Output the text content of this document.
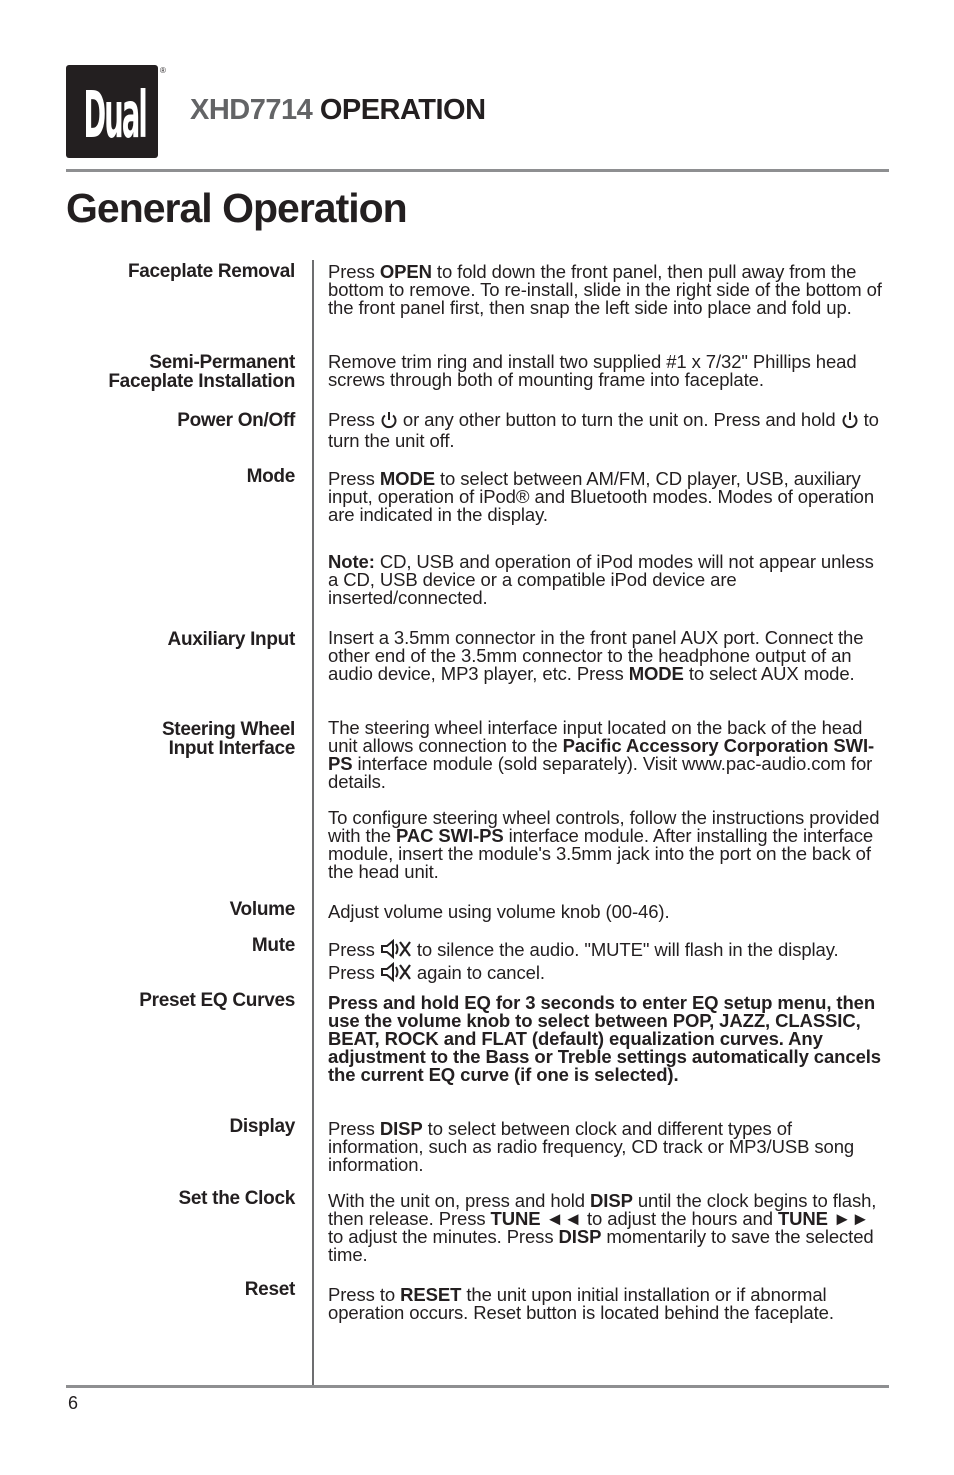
Dual
®
XHD7714 OPERATION
General Operation
Faceplate Removal Press OPEN to fold down the front panel, then pull away from the bottom to remove. To re-install, slide in the right side of the bottom of the front panel first, then snap the left side into place and fold up.
Semi-Permanent
Faceplate Installation
Remove trim ring and install two supplied #1 x 7/32" Phillips head screws through both of mounting frame into faceplate.
Power On/Off Press  or any other button to turn the unit on. Press and hold  to turn the unit off.
Mode Press MODE to select between AM/FM, CD player, USB, auxiliary input, operation of iPod® and Bluetooth modes. Modes of operation are indicated in the display.
Note: CD, USB and operation of iPod modes will not appear unless a CD, USB device or a compatible iPod device are inserted/connected.
Auxiliary Input Insert a 3.5mm connector in the front panel AUX port. Connect the other end of the 3.5mm connector to the headphone output of an audio device, MP3 player, etc. Press MODE to select AUX mode.
Steering Wheel
Input Interface
The steering wheel interface input located on the back of the head unit allows connection to the Pacific Accessory Corporation SWI-PS interface module (sold separately). Visit www.pac-audio.com for details.
To configure steering wheel controls, follow the instructions provided with the PAC SWI-PS interface module. After installing the interface module, insert the module's 3.5mm jack into the port on the back of the head unit.
Volume Adjust volume using volume knob (00-46).
Mute Press  to silence the audio. "MUTE" will flash in the display. Press  again to cancel.
Preset EQ Curves Press and hold EQ for 3 seconds to enter EQ setup menu, then use the volume knob to select between POP, JAZZ, CLASSIC, BEAT, ROCK and FLAT (default) equalization curves. Any adjustment to the Bass or Treble settings automatically cancels the current EQ curve (if one is selected).
Display Press DISP to select between clock and different types of information, such as radio frequency, CD track or MP3/USB song information.
Set the Clock With the unit on, press and hold DISP until the clock begins to flash, then release. Press TUNE ◄◄ to adjust the hours and TUNE ►► to adjust the minutes. Press DISP momentarily to save the selected time.
Reset Press to RESET the unit upon initial installation or if abnormal operation occurs. Reset button is located behind the faceplate.
6
